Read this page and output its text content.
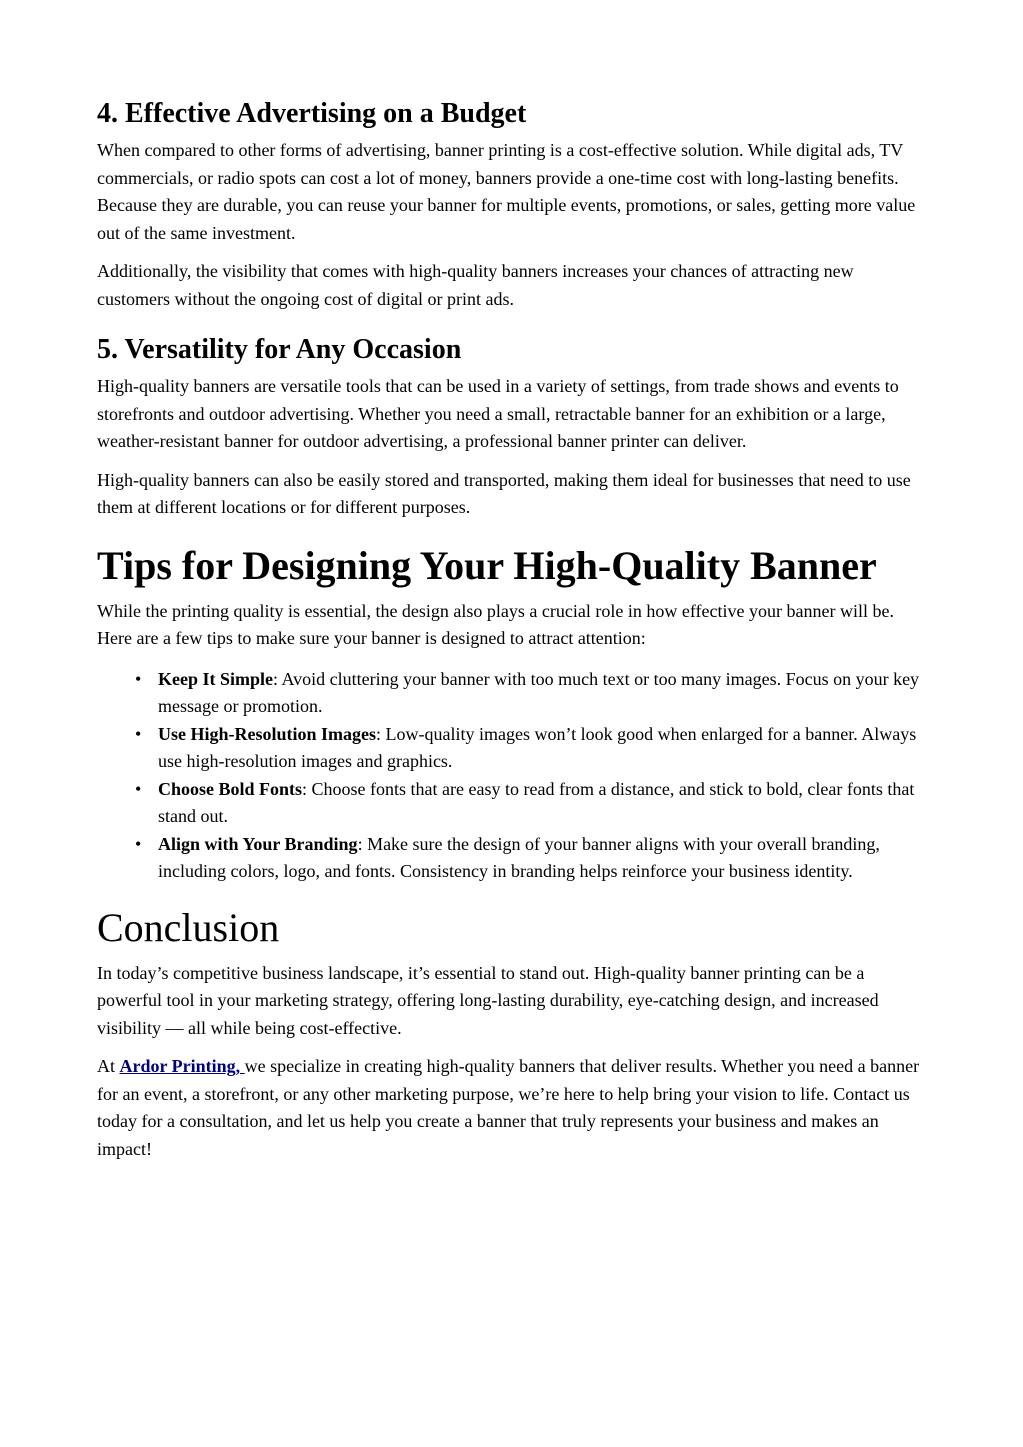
4. Effective Advertising on a Budget

When compared to other forms of advertising, banner printing is a cost-effective solution. While digital ads, TV commercials, or radio spots can cost a lot of money, banners provide a one-time cost with long-lasting benefits. Because they are durable, you can reuse your banner for multiple events, promotions, or sales, getting more value out of the same investment.

Additionally, the visibility that comes with high-quality banners increases your chances of attracting new customers without the ongoing cost of digital or print ads.

5. Versatility for Any Occasion

High-quality banners are versatile tools that can be used in a variety of settings, from trade shows and events to storefronts and outdoor advertising. Whether you need a small, retractable banner for an exhibition or a large, weather-resistant banner for outdoor advertising, a professional banner printer can deliver.

High-quality banners can also be easily stored and transported, making them ideal for businesses that need to use them at different locations or for different purposes.

Tips for Designing Your High-Quality Banner

While the printing quality is essential, the design also plays a crucial role in how effective your banner will be. Here are a few tips to make sure your banner is designed to attract attention:

• Keep It Simple: Avoid cluttering your banner with too much text or too many images. Focus on your key message or promotion.
• Use High-Resolution Images: Low-quality images won’t look good when enlarged for a banner. Always use high-resolution images and graphics.
• Choose Bold Fonts: Choose fonts that are easy to read from a distance, and stick to bold, clear fonts that stand out.
• Align with Your Branding: Make sure the design of your banner aligns with your overall branding, including colors, logo, and fonts. Consistency in branding helps reinforce your business identity.
Conclusion

In today’s competitive business landscape, it’s essential to stand out. High-quality banner printing can be a powerful tool in your marketing strategy, offering long-lasting durability, eye-catching design, and increased visibility — all while being cost-effective.

At Ardor Printing, we specialize in creating high-quality banners that deliver results. Whether you need a banner for an event, a storefront, or any other marketing purpose, we’re here to help bring your vision to life. Contact us today for a consultation, and let us help you create a banner that truly represents your business and makes an impact!
